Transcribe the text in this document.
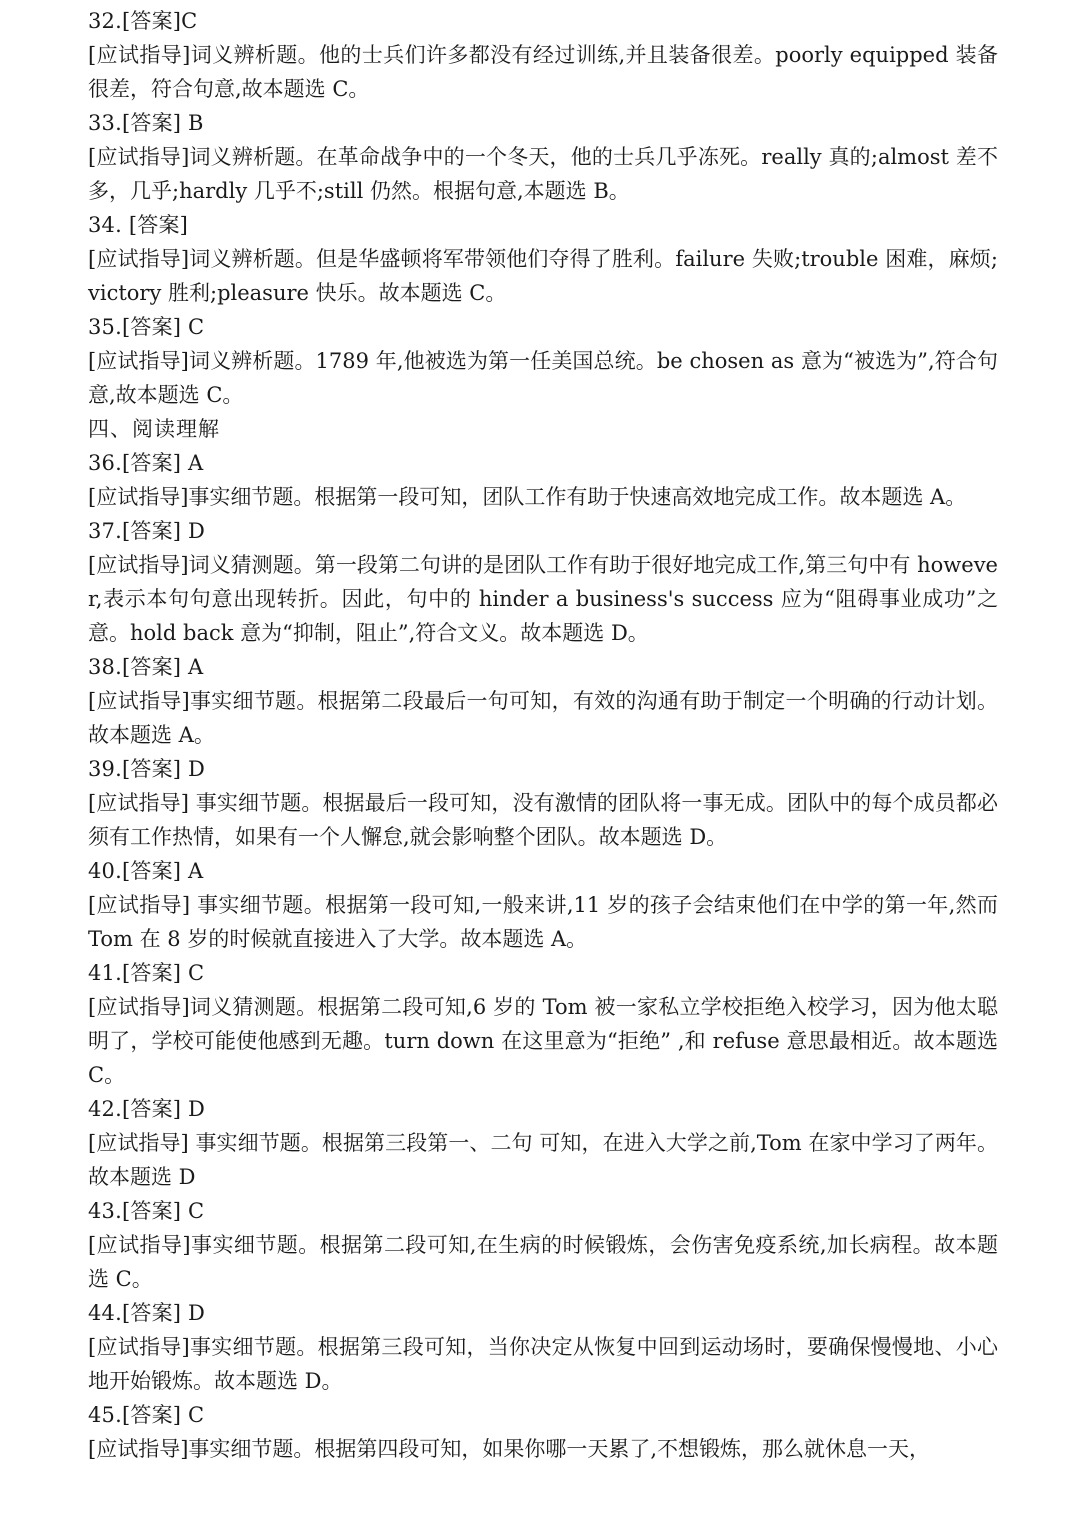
32.[答案]C

[应试指导]词义辨析题。他的士兵们许多都没有经过训练,并且装备很差。poorly equipped 装备很差，符合句意,故本题选 C。

33.[答案] B

[应试指导]词义辨析题。在革命战争中的一个冬天，他的士兵几乎冻死。really 真的;almost 差不多，几乎;hardly 几乎不;still 仍然。根据句意,本题选 B。

34. [答案]

[应试指导]词义辨析题。但是华盛顿将军带领他们夺得了胜利。failure 失败;trouble 困难，麻烦;victory 胜利;pleasure 快乐。故本题选 C。

35.[答案] C

[应试指导]词义辨析题。1789 年,他被选为第一任美国总统。be chosen as 意为“被选为”,符合句意,故本题选 C。

四、阅读理解

36.[答案] A

[应试指导]事实细节题。根据第一段可知，团队工作有助于快速高效地完成工作。故本题选 A。

37.[答案] D

[应试指导]词义猜测题。第一段第二句讲的是团队工作有助于很好地完成工作,第三句中有 however,表示本句句意出现转折。因此，句中的 hinder a business's success 应为“阻碍事业成功”之意。hold back 意为“抑制，阻止”,符合文义。故本题选 D。

38.[答案] A

[应试指导]事实细节题。根据第二段最后一句可知，有效的沟通有助于制定一个明确的行动计划。故本题选 A。

39.[答案] D

[应试指导] 事实细节题。根据最后一段可知，没有激情的团队将一事无成。团队中的每个成员都必须有工作热情，如果有一个人懈怠,就会影响整个团队。故本题选 D。

40.[答案] A

[应试指导] 事实细节题。根据第一段可知,一般来讲,11 岁的孩子会结束他们在中学的第一年,然而 Tom 在 8 岁的时候就直接进入了大学。故本题选 A。

41.[答案] C

[应试指导]词义猜测题。根据第二段可知,6 岁的 Tom 被一家私立学校拒绝入校学习，因为他太聪明了，学校可能使他感到无趣。turn down 在这里意为“拒绝” ,和 refuse 意思最相近。故本题选 C。

42.[答案] D

[应试指导] 事实细节题。根据第三段第一、二句 可知，在进入大学之前,Tom 在家中学习了两年。故本题选 D

43.[答案] C

[应试指导]事实细节题。根据第二段可知,在生病的时候锻炼，会伤害免疫系统,加长病程。故本题选 C。

44.[答案] D

[应试指导]事实细节题。根据第三段可知，当你决定从恢复中回到运动场时，要确保慢慢地、小心地开始锻炼。故本题选 D。

45.[答案] C

[应试指导]事实细节题。根据第四段可知，如果你哪一天累了,不想锻炼，那么就休息一天，
